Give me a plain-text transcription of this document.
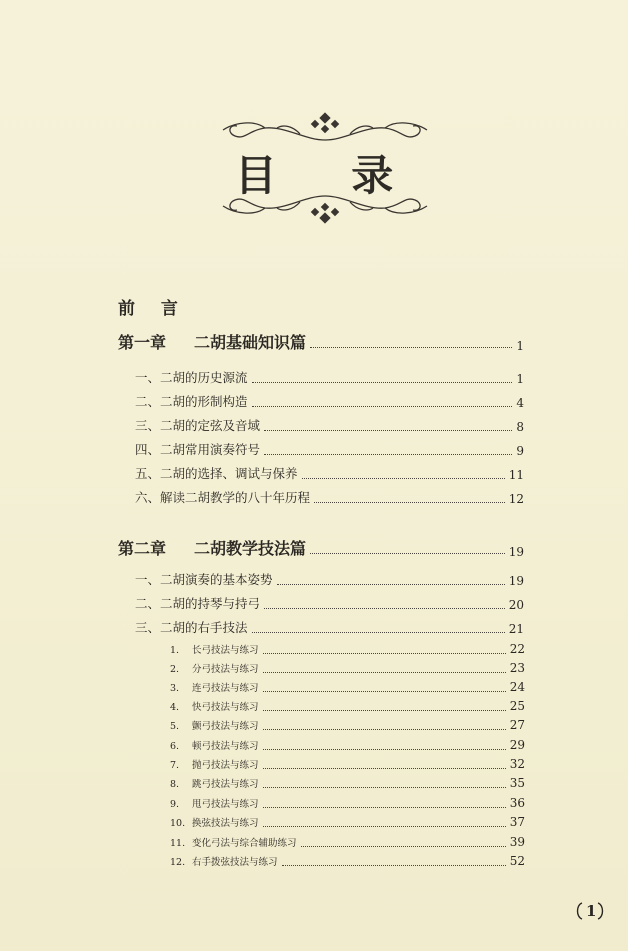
目 录
前 言
第一章 二胡基础知识篇	1
一、二胡的历史源流	1
二、二胡的形制构造	4
三、二胡的定弦及音域	8
四、二胡常用演奏符号	9
五、二胡的选择、调试与保养	11
六、解读二胡教学的八十年历程	12
第二章 二胡教学技法篇	19
一、二胡演奏的基本姿势	19
二、二胡的持琴与持弓	20
三、二胡的右手技法	21
1. 长弓技法与练习	22
2. 分弓技法与练习	23
3. 连弓技法与练习	24
4. 快弓技法与练习	25
5. 颤弓技法与练习	27
6. 顿弓技法与练习	29
7. 抛弓技法与练习	32
8. 跳弓技法与练习	35
9. 甩弓技法与练习	36
10. 换弦技法与练习	37
11. 变化弓法与综合辅助练习	39
12. 右手拨弦技法与练习	52
1
